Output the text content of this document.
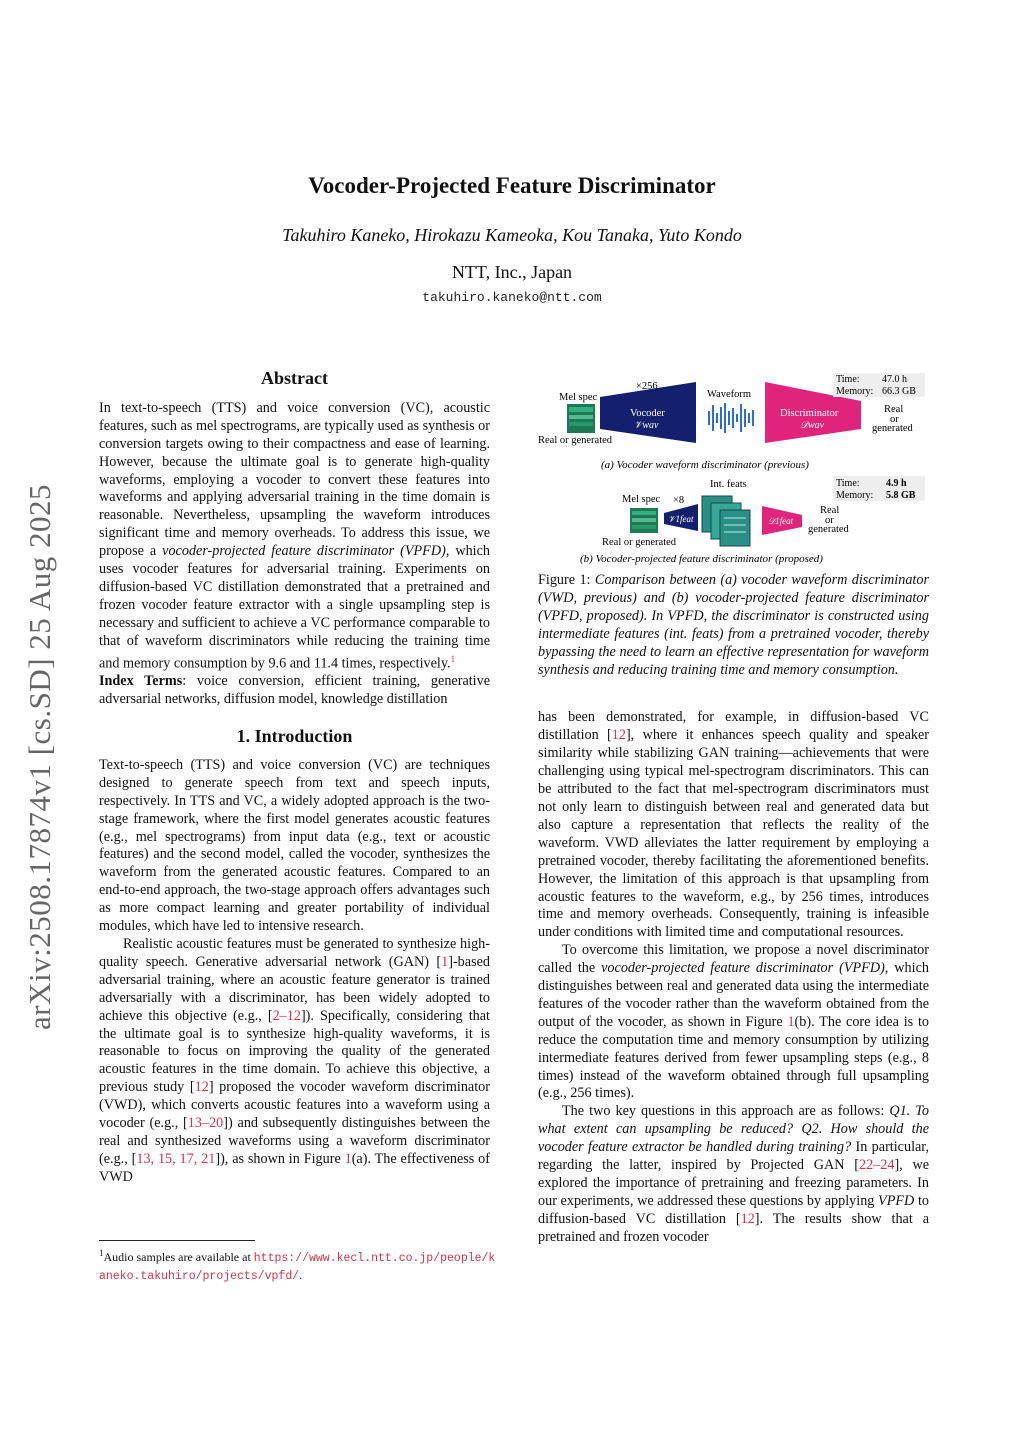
arXiv:2508.17874v1 [cs.SD] 25 Aug 2025
Vocoder-Projected Feature Discriminator
Takuhiro Kaneko, Hirokazu Kameoka, Kou Tanaka, Yuto Kondo
NTT, Inc., Japan
takuhiro.kaneko@ntt.com
Abstract

In text-to-speech (TTS) and voice conversion (VC), acoustic features, such as mel spectrograms, are typically used as synthesis or conversion targets owing to their compactness and ease of learning. However, because the ultimate goal is to generate high-quality waveforms, employing a vocoder to convert these features into waveforms and applying adversarial training in the time domain is reasonable. Nevertheless, upsampling the waveform introduces significant time and memory overheads. To address this issue, we propose a vocoder-projected feature discriminator (VPFD), which uses vocoder features for adversarial training. Experiments on diffusion-based VC distillation demonstrated that a pretrained and frozen vocoder feature extractor with a single upsampling step is necessary and sufficient to achieve a VC performance comparable to that of waveform discriminators while reducing the training time and memory consumption by 9.6 and 11.4 times, respectively.$^1$

Index Terms: voice conversion, efficient training, generative adversarial networks, diffusion model, knowledge distillation

1. Introduction

Text-to-speech (TTS) and voice conversion (VC) are techniques designed to generate speech from text and speech inputs, respectively. In TTS and VC, a widely adopted approach is the two-stage framework, where the first model generates acoustic features (e.g., mel spectrograms) from input data (e.g., text or acoustic features) and the second model, called the vocoder, synthesizes the waveform from the generated acoustic features. Compared to an end-to-end approach, the two-stage approach offers advantages such as more compact learning and greater portability of individual modules, which have led to intensive research.

Realistic acoustic features must be generated to synthesize high-quality speech. Generative adversarial network (GAN) [1]-based adversarial training, where an acoustic feature generator is trained adversarially with a discriminator, has been widely adopted to achieve this objective (e.g., [2–12]). Specifically, considering that the ultimate goal is to synthesize high-quality waveforms, it is reasonable to focus on improving the quality of the generated acoustic features in the time domain. To achieve this objective, a previous study [12] proposed the vocoder waveform discriminator (VWD), which converts acoustic features into a waveform using a vocoder (e.g., [13–20]) and subsequently distinguishes between the real and synthesized waveforms using a waveform discriminator (e.g., [13, 15, 17, 21]), as shown in Figure 1(a). The effectiveness of VWD

$^1$Audio samples are available at https://www.kecl.ntt.co.jp/people/kaneko.takuhiro/projects/vpfd/.
Mel spec
Real or generated
×256
Vocoder
𝒱wav
Waveform
Discriminator
𝒟wav
Real
or
generated
Time: 47.0 h
Memory: 66.3 GB
(a) Vocoder waveform discriminator (previous)
Mel spec ×8
Real or generated
𝒱1feat
Int. feats
𝒟1feat
Real
or
generated
Time:	4.9 h
Memory: 5.8 GB
(b) Vocoder-projected feature discriminator (proposed)

Figure 1: Comparison between (a) vocoder waveform discriminator (VWD, previous) and (b) vocoder-projected feature discriminator (VPFD, proposed). In VPFD, the discriminator is constructed using intermediate features (int. feats) from a pretrained vocoder, thereby bypassing the need to learn an effective representation for waveform synthesis and reducing training time and memory consumption.

has been demonstrated, for example, in diffusion-based VC distillation [12], where it enhances speech quality and speaker similarity while stabilizing GAN training—achievements that were challenging using typical mel-spectrogram discriminators. This can be attributed to the fact that mel-spectrogram discriminators must not only learn to distinguish between real and generated data but also capture a representation that reflects the reality of the waveform. VWD alleviates the latter requirement by employing a pretrained vocoder, thereby facilitating the aforementioned benefits. However, the limitation of this approach is that upsampling from acoustic features to the waveform, e.g., by 256 times, introduces time and memory overheads. Consequently, training is infeasible under conditions with limited time and computational resources.

To overcome this limitation, we propose a novel discriminator called the vocoder-projected feature discriminator (VPFD), which distinguishes between real and generated data using the intermediate features of the vocoder rather than the waveform obtained from the output of the vocoder, as shown in Figure 1(b). The core idea is to reduce the computation time and memory consumption by utilizing intermediate features derived from fewer upsampling steps (e.g., 8 times) instead of the waveform obtained through full upsampling (e.g., 256 times).

The two key questions in this approach are as follows: Q1. To what extent can upsampling be reduced? Q2. How should the vocoder feature extractor be handled during training? In particular, regarding the latter, inspired by Projected GAN [22–24], we explored the importance of pretraining and freezing parameters. In our experiments, we addressed these questions by applying VPFD to diffusion-based VC distillation [12]. The results show that a pretrained and frozen vocoder
